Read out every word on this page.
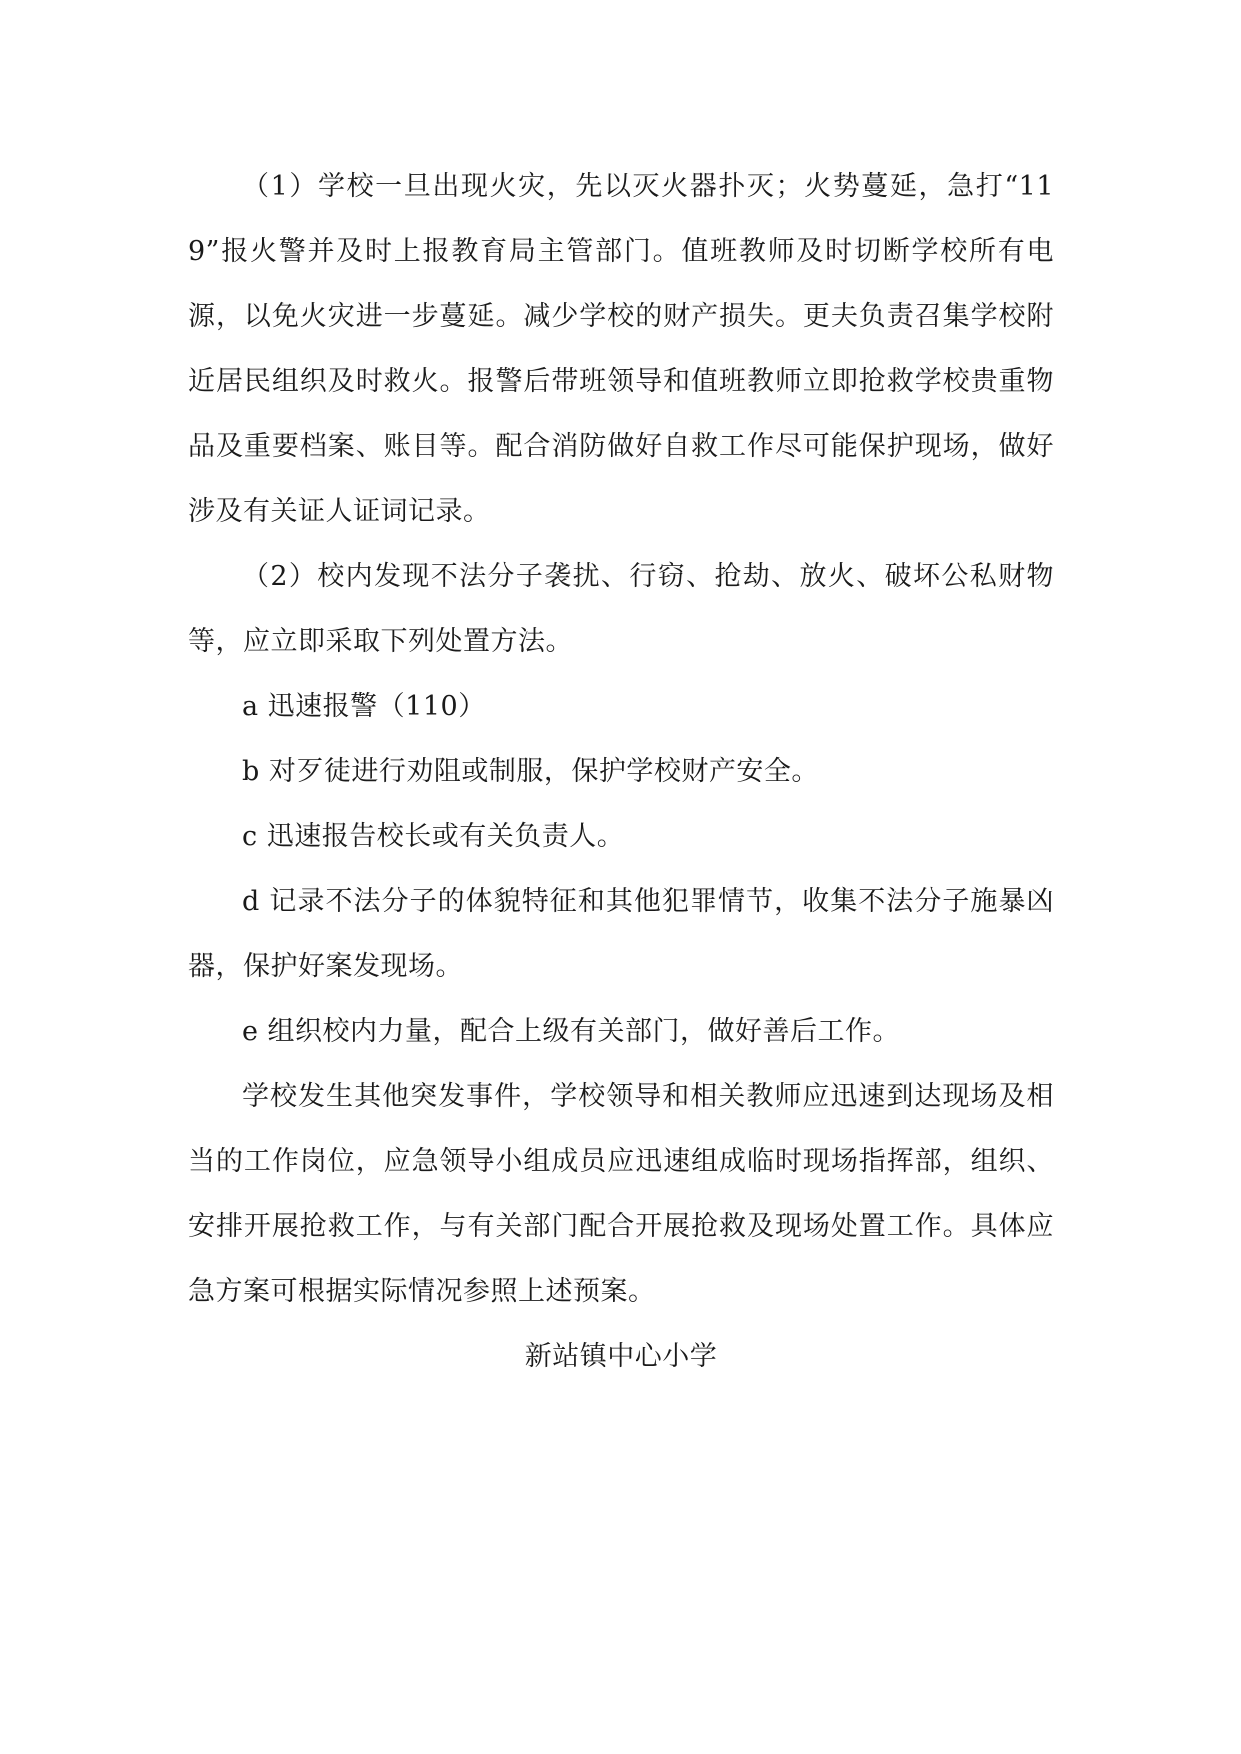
（1）学校一旦出现火灾，先以灭火器扑灭；火势蔓延，急打“119”报火警并及时上报教育局主管部门。值班教师及时切断学校所有电源，以免火灾进一步蔓延。减少学校的财产损失。更夫负责召集学校附近居民组织及时救火。报警后带班领导和值班教师立即抢救学校贵重物品及重要档案、账目等。配合消防做好自救工作尽可能保护现场，做好涉及有关证人证词记录。

（2）校内发现不法分子袭扰、行窃、抢劫、放火、破坏公私财物等，应立即采取下列处置方法。

a 迅速报警（110）

b 对歹徒进行劝阻或制服，保护学校财产安全。

c 迅速报告校长或有关负责人。

d 记录不法分子的体貌特征和其他犯罪情节，收集不法分子施暴凶器，保护好案发现场。

e 组织校内力量，配合上级有关部门，做好善后工作。

学校发生其他突发事件，学校领导和相关教师应迅速到达现场及相当的工作岗位，应急领导小组成员应迅速组成临时现场指挥部，组织、安排开展抢救工作，与有关部门配合开展抢救及现场处置工作。具体应急方案可根据实际情况参照上述预案。

新站镇中心小学
